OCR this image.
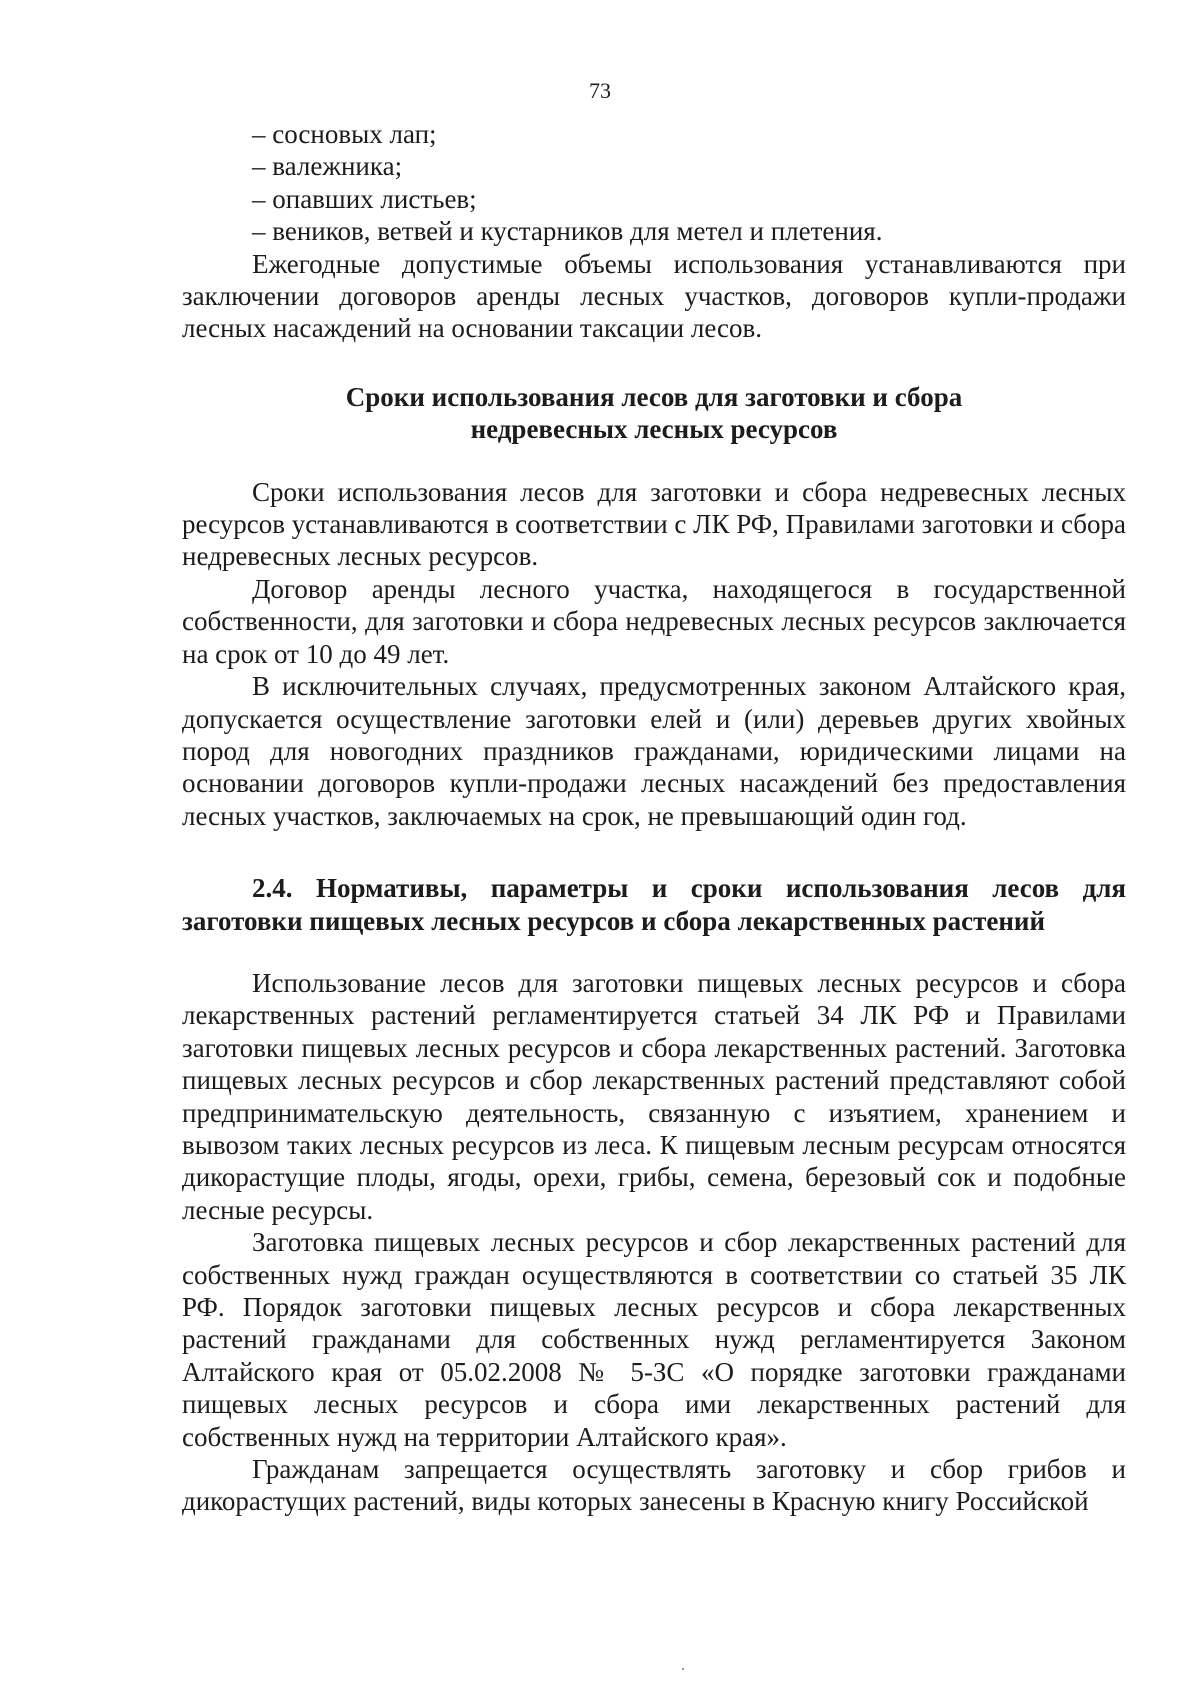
73

– сосновых лап;

– валежника;

– опавших листьев;

– веников, ветвей и кустарников для метел и плетения.

Ежегодные допустимые объемы использования устанавливаются при заключении договоров аренды лесных участков, договоров купли-продажи лесных насаждений на основании таксации лесов.

Сроки использования лесов для заготовки и сбора
недревесных лесных ресурсов

Сроки использования лесов для заготовки и сбора недревесных лесных ресурсов устанавливаются в соответствии с ЛК РФ, Правилами заготовки и сбора недревесных лесных ресурсов.

Договор аренды лесного участка, находящегося в государственной собственности, для заготовки и сбора недревесных лесных ресурсов заключается на срок от 10 до 49 лет.

В исключительных случаях, предусмотренных законом Алтайского края, допускается осуществление заготовки елей и (или) деревьев других хвойных пород для новогодних праздников гражданами, юридическими лицами на основании договоров купли-продажи лесных насаждений без предоставления лесных участков, заключаемых на срок, не превышающий один год.

2.4. Нормативы, параметры и сроки использования лесов для заготовки пищевых лесных ресурсов и сбора лекарственных растений

Использование лесов для заготовки пищевых лесных ресурсов и сбора лекарственных растений регламентируется статьей 34 ЛК РФ и Правилами заготовки пищевых лесных ресурсов и сбора лекарственных растений. Заготовка пищевых лесных ресурсов и сбор лекарственных растений представляют собой предпринимательскую деятельность, связанную с изъятием, хранением и вывозом таких лесных ресурсов из леса. К пищевым лесным ресурсам относятся дикорастущие плоды, ягоды, орехи, грибы, семена, березовый сок и подобные лесные ресурсы.

Заготовка пищевых лесных ресурсов и сбор лекарственных растений для собственных нужд граждан осуществляются в соответствии со статьей 35 ЛК РФ. Порядок заготовки пищевых лесных ресурсов и сбора лекарственных растений гражданами для собственных нужд регламентируется Законом Алтайского края от 05.02.2008 № 5-ЗС «О порядке заготовки гражданами пищевых лесных ресурсов и сбора ими лекарственных растений для собственных нужд на территории Алтайского края».

Гражданам запрещается осуществлять заготовку и сбор грибов и дикорастущих растений, виды которых занесены в Красную книгу Российской
